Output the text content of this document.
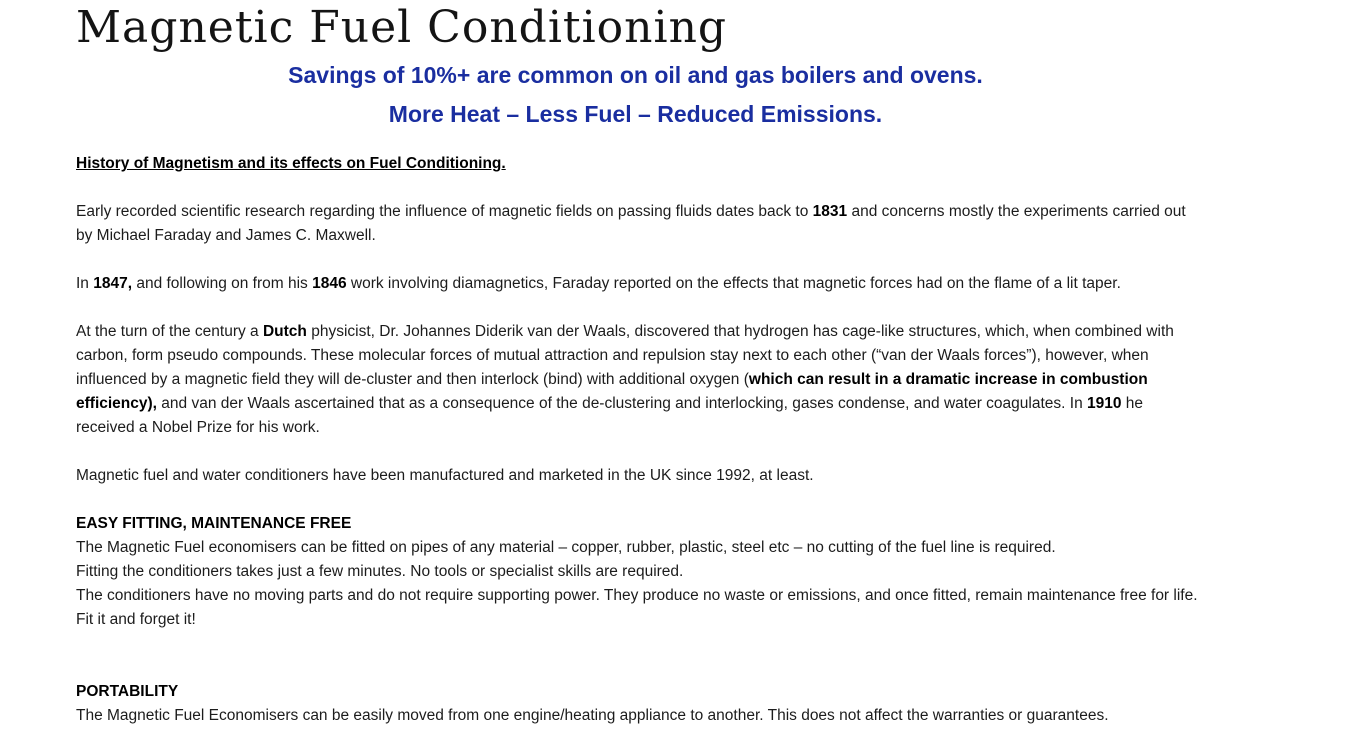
Magnetic Fuel Conditioning

Savings of 10%+ are common on oil and gas boilers and ovens.

More Heat – Less Fuel – Reduced Emissions.

History of Magnetism and its effects on Fuel Conditioning.

Early recorded scientific research regarding the influence of magnetic fields on passing fluids dates back to 1831 and concerns mostly the experiments carried out by Michael Faraday and James C. Maxwell.

In 1847, and following on from his 1846 work involving diamagnetics, Faraday reported on the effects that magnetic forces had on the flame of a lit taper.

At the turn of the century a Dutch physicist, Dr. Johannes Diderik van der Waals, discovered that hydrogen has cage-like structures, which, when combined with carbon, form pseudo compounds. These molecular forces of mutual attraction and repulsion stay next to each other (“van der Waals forces”), however, when influenced by a magnetic field they will de-cluster and then interlock (bind) with additional oxygen (which can result in a dramatic increase in combustion efficiency), and van der Waals ascertained that as a consequence of the de-clustering and interlocking, gases condense, and water coagulates. In 1910 he received a Nobel Prize for his work.

Magnetic fuel and water conditioners have been manufactured and marketed in the UK since 1992, at least.

EASY FITTING, MAINTENANCE FREE
The Magnetic Fuel economisers can be fitted on pipes of any material – copper, rubber, plastic, steel etc – no cutting of the fuel line is required.
Fitting the conditioners takes just a few minutes. No tools or specialist skills are required.
The conditioners have no moving parts and do not require supporting power. They produce no waste or emissions, and once fitted, remain maintenance free for life. Fit it and forget it!

PORTABILITY
The Magnetic Fuel Economisers can be easily moved from one engine/heating appliance to another. This does not affect the warranties or guarantees.
